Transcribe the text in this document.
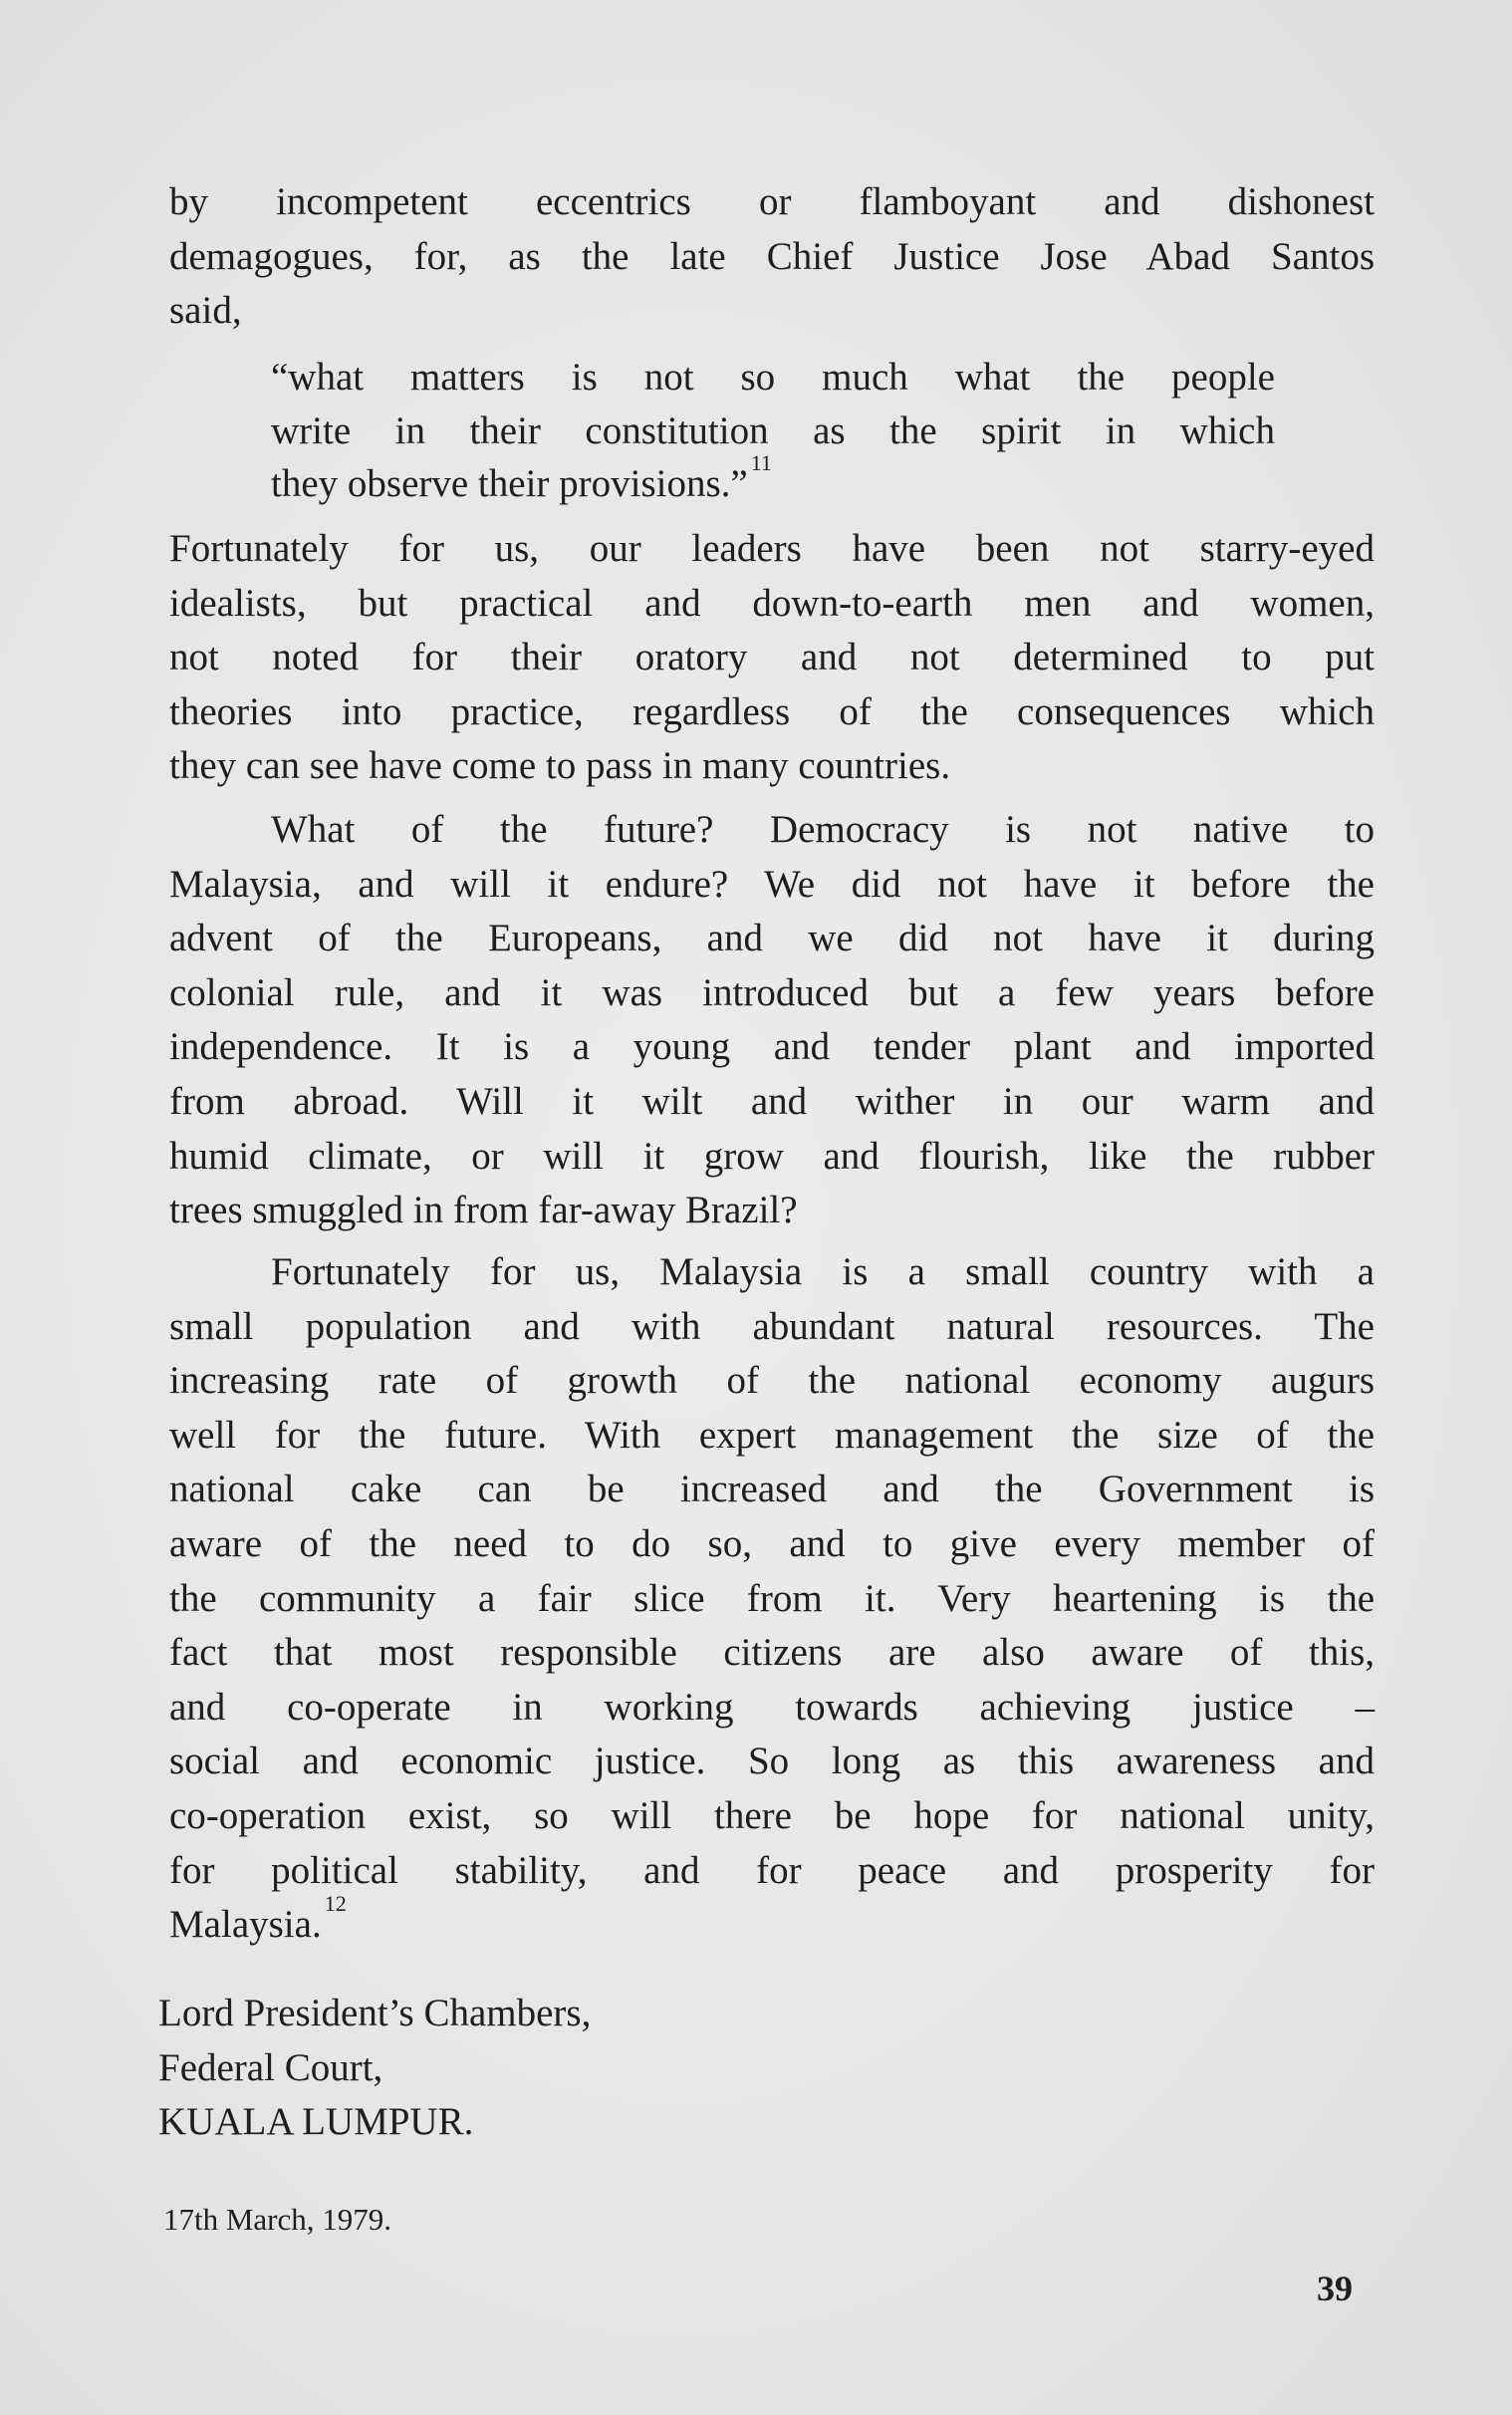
by incompetent eccentrics or flamboyant and dishonest
demagogues, for, as the late Chief Justice Jose Abad Santos
said,
“what matters is not so much what the people
write in their constitution as the spirit in which
they observe their provisions.” $^{11}$
Fortunately for us, our leaders have been not starry-eyed
idealists, but practical and down-to-earth men and women,
not noted for their oratory and not determined to put
theories into practice, regardless of the consequences which
they can see have come to pass in many countries.
What of the future? Democracy is not native to
Malaysia, and will it endure? We did not have it before the
advent of the Europeans, and we did not have it during
colonial rule, and it was introduced but a few years before
independence. It is a young and tender plant and imported
from abroad. Will it wilt and wither in our warm and
humid climate, or will it grow and flourish, like the rubber
trees smuggled in from far-away Brazil?
Fortunately for us, Malaysia is a small country with a
small population and with abundant natural resources. The
increasing rate of growth of the national economy augurs
well for the future. With expert management the size of the
national cake can be increased and the Government is
aware of the need to do so, and to give every member of
the community a fair slice from it. Very heartening is the
fact that most responsible citizens are also aware of this,
and co-operate in working towards achieving justice –
social and economic justice. So long as this awareness and
co-operation exist, so will there be hope for national unity,
for political stability, and for peace and prosperity for
Malaysia. $^{12}$
Lord President’s Chambers,
Federal Court,
KUALA LUMPUR.
17th March, 1979.
39
